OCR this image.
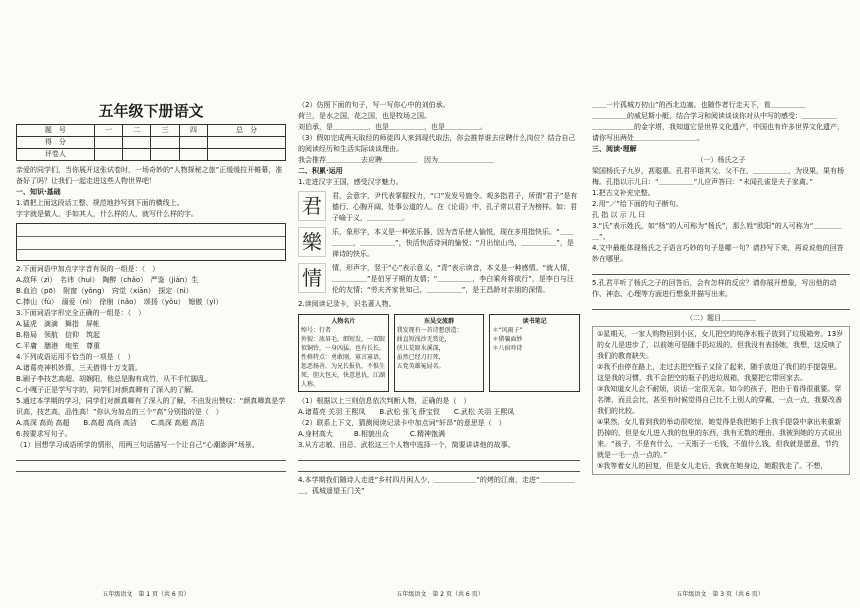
五年级下册语文
题　号	一	二	三	四	总　分
得　分					
评卷人					
亲爱的同学们，当你展开这张试卷时，一场奇妙的“人物探秘之旅”正缓缓拉开帷幕，准备好了吗？让我们一起走进这些人物世界吧！
一、知识·基础
1.请把上面这段话工整、规范地抄写到下面的横线上。
字字就是做人，手如其人，什么样的人，就写什么样的字。
2.下面词语中加点字字音有误的一组是：（　）
A.敌拜（zì）　名讳（huì）　陶醉（chǎo）　严鉴（jiàn）生
B.血泊（pō）　附窗（yǒng）　窍觉（xiān）　探定（nì）
C.捧山（fù）　溺爱（nì）　徐崩（nǎo）　颂扬（yǒu）　媳傲（yì）
3.下面词语字形完全正确的一组是：（　）
A.猛虎　滴滴　舞指　屏帐
B.格局　领航　信仰　筑起
C.平庸　膳港　炮笙　尊重
4.下列成语运用不恰当的一项是（　）
A.诸葛亮神机妙算，三天借得十万支箭。
B.刷子李技艺高超、胡娴阳，他总是胸有成竹，从不手忙脚乱。
C.小嘎子正是学写字的，同学们对颜真卿有了深入的了解。
5.通过本学期的学习，同学们对颜真卿有了深入的了解，不由发出赞叹：“颜真卿真是学识高，技艺高，品性高！”你认为加点的三个“高”分别指的是（　）
A.高深 高尚 高超　　B.高超 高尚 高洁　　C.高深 高超 高洁
6.按要求写句子。
（1）回想学习成语所学的情形，用两三句话描写一个让自己“心潮澎湃”场景。
（2）仿照下面的句子，写一写你心中的刘伯承。
荷兰，是水之国，花之国，也是牧场之国。
刘伯承，是＿＿＿＿＿，也是＿＿＿＿＿，也是＿＿＿＿＿。
（3）假如完成两天取经的师徒四人来到现代取法，你会推荐谁去应聘什么岗位？结合自己的阅读经历和生活实际谈谈理由。
我会推荐＿＿＿＿＿去应聘＿＿＿＿＿　因为＿＿＿＿＿＿＿＿
二、积累·运用
1.走进汉字王国，感受汉字魅力。
君	君，会意字，尹代表掌握权力，“口”发发号施令。观多指君子，所谓“君子”是有德行、心胸开阔、处事公道的人。在《论语》中，孔子常以君子为榜样。如：君子喻于义，＿＿＿＿＿。
樂	乐，象形字，本义是一种弦乐器，因为音乐使人愉悦，现在多用指快乐。“＿＿＿＿＿，＿＿＿＿＿”，快活快活诗词的愉悦；“月出惊山鸟，＿＿＿＿＿”，是禅诗的快乐。
情	情，形声字，竖于“心”表示意义，“青”表示读音，本义是一种感情。“就人情，＿＿＿＿＿”是伯牙子期的友情；“＿＿＿＿＿，李白乘舟将欲行”，是李白与汪伦的友情；“劳夫齐家世知己，＿＿＿＿＿”，是王昌龄对亲朋的深情。
2.读阅读记录卡，识名著人物。
人物名片
绰号：行者
外貌：浓眉毛，细短发，一双眼似铜铃，一身凶猛，也有长长。性格特点：勇敢刚，寡言寡语，惩恶扬善，为兄长报仇，不惧生死，胆大包天，快意恩仇，江湖人称。
东吴交流群
我发现有一首诗想创造：
曲直短浅沙无赏论，
侠儿荒原水溪深，
虽然已经刀打死，
五党英雄冤屈名。
读书笔记
＊“风雨子”
＊猪骗面妙
＊八宿吟诗
（1）根据以上三则信息依次判断人物，正确的是（　）
A.诸葛亮 关羽 王熙凤　　B.武松 张飞 薛宝钗　　C.武松 关羽 王熙凤
（2）联系上下文，猜测阅读记录卡中加点词“轩昂”的意思是（　）
A.身材高大　　　B.相貌出众　　　C.精神饱满
3.从方志敏、田忌、武松这三个人物中选择一个，简要讲讲他的故事。
4.本学期我们随诗人走进“乡村四月闲人少，＿＿＿＿＿＿”的烤的江南，走进“＿＿＿＿＿＿，孤城遥望玉门关”
＿＿一片孤城万仞山”的西北边塞。也随作者行走天下，看＿＿＿＿＿
＿＿＿＿＿的威尼斯小艇，结合学习和阅读谈谈你对从中写的感受：＿＿＿＿＿
＿＿＿＿＿＿的金字塔，我知道它是世界文化遗产，中国也有许多世界文化遗产，请你写出两处＿＿＿＿＿＿＿＿＿。
三、阅读·理解
（一）杨氏之子
梁国杨氏子九岁，甚聪惠。孔君平诣其父，父不在，＿＿＿＿＿，为设果，果有杨梅。孔指以示儿曰：“＿＿＿＿＿”儿应声答曰：“未闻孔雀是夫子家禽。”
1.把古文补充完整。
2.用“／”给下面的句子断句。
孔 指 以 示 儿 曰
3.“氏”表示姓氏，如“杨”的人可称为“杨氏”，那么姓“欧阳”的人可称为“＿＿＿＿＿”。
4.文中最能体现杨氏之子语言巧妙的句子是哪一句？请抄写下来，再说说他的回答妙在哪里。
5.孔君平听了杨氏之子的回答后，会有怎样的反应？请你展开想象，写出他的动作、神态、心理等方面进行想象并描写出来。
（二）题目＿＿＿＿＿
①星期天，一家人购物回到小区，女儿把空的纯净水瓶子放到了垃圾箱旁。13岁的女儿是进步了，以前她可是随手扔垃圾的。但我没有表扬她，我想，这反映了我们的教育缺失。
②我不由停在路上，走过去把空瓶子又捡了起来，随手放进了我们的手提袋里。这是我的习惯，我不会把空的瓶子扔进垃圾箱，我要把它带回家去。
③我知道女儿会不耐烦，说话一定很无奈。如今的孩子，把由于看得很重要。穿名牌，而且会比，甚至有时候觉得自己比不上别人的穿戴，一点一点，我要改善我们的比较。
④果然，女儿看到我的举动很吃惊，她觉得是我把她手上我手提袋中拿出来重新扔掉的，但是女儿进入我的包里的东西，我有无数的理由，我被到她的方式说出来。“孩子，不是有什么，一天瓶子一毛钱，不值什么钱，但我就是愿意，节约就是一毛一点一点的。”
⑤我等着女儿的回复，但是女儿走后，我就在她身边，她跟我走了。不想，
五年级语文　第 1 页（共 6 页）	五年级语文　第 2 页（共 6 页）	五年级语文　第 3 页（共 6 页）
